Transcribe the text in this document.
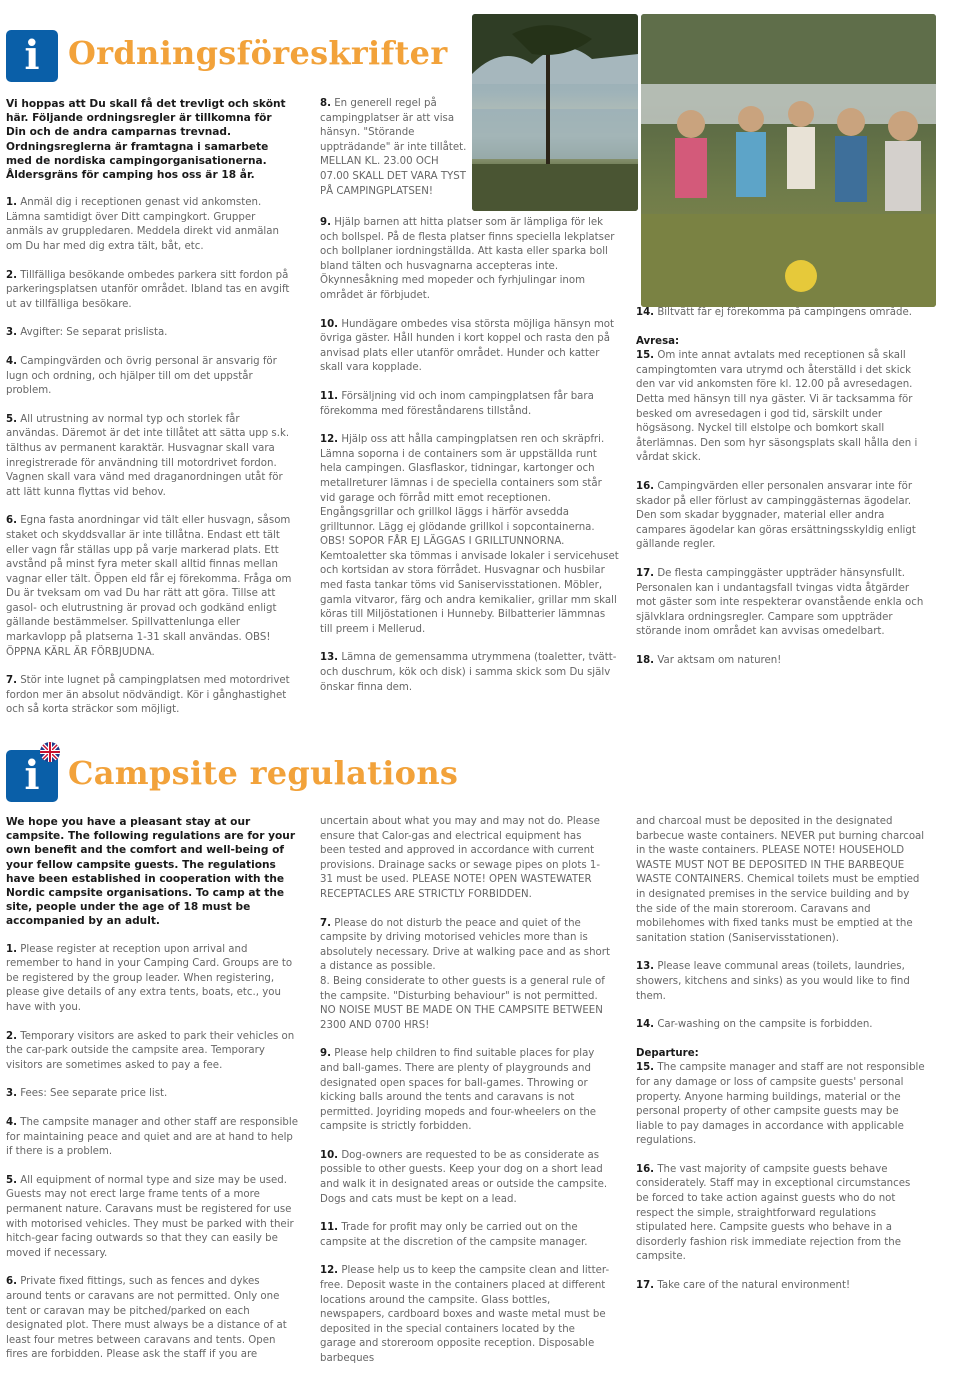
i Ordningsföreskrifter

Vi hoppas att Du skall få det trevligt och skönt här. Följande ordningsregler är tillkomna för Din och de andra camparnas trevnad. Ordningsreglerna är framtagna i samarbete med de nordiska campingorganisationerna. Åldersgräns för camping hos oss är 18 år.

1. Anmäl dig i receptionen genast vid ankomsten. Lämna samtidigt över Ditt campingkort. Grupper anmäls av gruppledaren. Meddela direkt vid anmälan om Du har med dig extra tält, båt, etc.

2. Tillfälliga besökande ombedes parkera sitt fordon på parkeringsplatsen utanför området. Ibland tas en avgift ut av tillfälliga besökare.

3. Avgifter: Se separat prislista.

4. Campingvärden och övrig personal är ansvarig för lugn och ordning, och hjälper till om det uppstår problem.

5. All utrustning av normal typ och storlek får användas. Däremot är det inte tillåtet att sätta upp s.k. tälthus av permanent karaktär. Husvagnar skall vara inregistrerade för användning till motordrivet fordon. Vagnen skall vara vänd med draganordningen utåt för att lätt kunna flyttas vid behov.

6. Egna fasta anordningar vid tält eller husvagn, såsom staket och skyddsvallar är inte tillåtna. Endast ett tält eller vagn får ställas upp på varje markerad plats. Ett avstånd på minst fyra meter skall alltid finnas mellan vagnar eller tält. Öppen eld får ej förekomma. Fråga om Du är tveksam om vad Du har rätt att göra. Tillse att gasol- och elutrustning är provad och godkänd enligt gällande bestämmelser. Spillvattenlunga eller markavlopp på platserna 1-31 skall användas. OBS! ÖPPNA KÄRL ÄR FÖRBJUDNA.

7. Stör inte lugnet på campingplatsen med motordrivet fordon mer än absolut nödvändigt. Kör i gånghastighet och så korta sträckor som möjligt.

8. En generell regel på campingplatser är att visa hänsyn. "Störande uppträdande" är inte tillåtet. MELLAN KL. 23.00 OCH 07.00 SKALL DET VARA TYST PÅ CAMPINGPLATSEN!

9. Hjälp barnen att hitta platser som är lämpliga för lek och bollspel. På de flesta platser finns speciella lekplatser och bollplaner iordningställda. Att kasta eller sparka boll bland tälten och husvagnarna accepteras inte. Ökynnesåkning med mopeder och fyrhjulingar inom området är förbjudet.

10. Hundägare ombedes visa största möjliga hänsyn mot övriga gäster. Håll hunden i kort koppel och rasta den på anvisad plats eller utanför området. Hunder och katter skall vara kopplade.

11. Försäljning vid och inom campingplatsen får bara förekomma med föreståndarens tillstånd.

12. Hjälp oss att hålla campingplatsen ren och skräpfri. Lämna soporna i de containers som är uppställda runt hela campingen. Glasflaskor, tidningar, kartonger och metallreturer lämnas i de speciella containers som står vid garage och förråd mitt emot receptionen. Engångsgrillar och grillkol läggs i härför avsedda grilltunnor. Lägg ej glödande grillkol i sopcontainerna. OBS! SOPOR FÅR EJ LÄGGAS I GRILLTUNNORNA. Kemtoaletter ska tömmas i anvisade lokaler i servicehuset och kortsidan av stora förrådet. Husvagnar och husbilar med fasta tankar töms vid Saniservisstationen. Möbler, gamla vitvaror, färg och andra kemikalier, grillar mm skall köras till Miljöstationen i Hunneby. Bilbatterier lämmnas till preem i Mellerud.

13. Lämna de gemensamma utrymmena (toaletter, tvätt- och duschrum, kök och disk) i samma skick som Du själv önskar finna dem.

14. Biltvätt får ej förekomma på campingens område.

Avresa:

15. Om inte annat avtalats med receptionen så skall campingtomten vara utrymd och återställd i det skick den var vid ankomsten före kl. 12.00 på avresedagen. Detta med hänsyn till nya gäster. Vi är tacksamma för besked om avresedagen i god tid, särskilt under högsäsong. Nyckel till elstolpe och bomkort skall återlämnas. Den som hyr säsongsplats skall hålla den i vårdat skick.

16. Campingvärden eller personalen ansvarar inte för skador på eller förlust av campinggästernas ägodelar. Den som skadar byggnader, material eller andra campares ägodelar kan göras ersättningsskyldig enligt gällande regler.

17. De flesta campinggäster uppträder hänsynsfullt. Personalen kan i undantagsfall tvingas vidta åtgärder mot gäster som inte respekterar ovanstående enkla och självklara ordningsregler. Campare som uppträder störande inom området kan avvisas omedelbart.

18. Var aktsam om naturen!

i Campsite regulations

We hope you have a pleasant stay at our campsite. The following regulations are for your own benefit and the comfort and well-being of your fellow campsite guests. The regulations have been established in cooperation with the Nordic campsite organisations. To camp at the site, people under the age of 18 must be accompanied by an adult.

1. Please register at reception upon arrival and remember to hand in your Camping Card. Groups are to be registered by the group leader. When registering, please give details of any extra tents, boats, etc., you have with you.

2. Temporary visitors are asked to park their vehicles on the car-park outside the campsite area. Temporary visitors are sometimes asked to pay a fee.

3. Fees: See separate price list.

4. The campsite manager and other staff are responsible for maintaining peace and quiet and are at hand to help if there is a problem.

5. All equipment of normal type and size may be used. Guests may not erect large frame tents of a more permanent nature. Caravans must be registered for use with motorised vehicles. They must be parked with their hitch-gear facing outwards so that they can easily be moved if necessary.

6. Private fixed fittings, such as fences and dykes around tents or caravans are not permitted. Only one tent or caravan may be pitched/parked on each designated plot. There must always be a distance of at least four metres between caravans and tents. Open fires are forbidden. Please ask the staff if you are

uncertain about what you may and may not do. Please ensure that Calor-gas and electrical equipment has been tested and approved in accordance with current provisions. Drainage sacks or sewage pipes on plots 1-31 must be used. PLEASE NOTE! OPEN WASTEWATER RECEPTACLES ARE STRICTLY FORBIDDEN.

7. Please do not disturb the peace and quiet of the campsite by driving motorised vehicles more than is absolutely necessary. Drive at walking pace and as short a distance as possible.
8. Being considerate to other guests is a general rule of the campsite. "Disturbing behaviour" is not permitted. NO NOISE MUST BE MADE ON THE CAMPSITE BETWEEN 2300 AND 0700 HRS!

9. Please help children to find suitable places for play and ball-games. There are plenty of playgrounds and designated open spaces for ball-games. Throwing or kicking balls around the tents and caravans is not permitted. Joyriding mopeds and four-wheelers on the campsite is strictly forbidden.

10. Dog-owners are requested to be as considerate as possible to other guests. Keep your dog on a short lead and walk it in designated areas or outside the campsite. Dogs and cats must be kept on a lead.

11. Trade for profit may only be carried out on the campsite at the discretion of the campsite manager.

12. Please help us to keep the campsite clean and litter-free. Deposit waste in the containers placed at different locations around the campsite. Glass bottles, newspapers, cardboard boxes and waste metal must be deposited in the special containers located by the garage and storeroom opposite reception. Disposable barbeques

and charcoal must be deposited in the designated barbecue waste containers. NEVER put burning charcoal in the waste containers. PLEASE NOTE! HOUSEHOLD WASTE MUST NOT BE DEPOSITED IN THE BARBEQUE WASTE CONTAINERS. Chemical toilets must be emptied in designated premises in the service building and by the side of the main storeroom. Caravans and mobilehomes with fixed tanks must be emptied at the sanitation station (Saniservisstationen).

13. Please leave communal areas (toilets, laundries, showers, kitchens and sinks) as you would like to find them.

14. Car-washing on the campsite is forbidden.

Departure:

15. The campsite manager and staff are not responsible for any damage or loss of campsite guests' personal property. Anyone harming buildings, material or the personal property of other campsite guests may be liable to pay damages in accordance with applicable regulations.

16. The vast majority of campsite guests behave considerately. Staff may in exceptional circumstances be forced to take action against guests who do not respect the simple, straightforward regulations stipulated here. Campsite guests who behave in a disorderly fashion risk immediate rejection from the campsite.

17. Take care of the natural environment!
